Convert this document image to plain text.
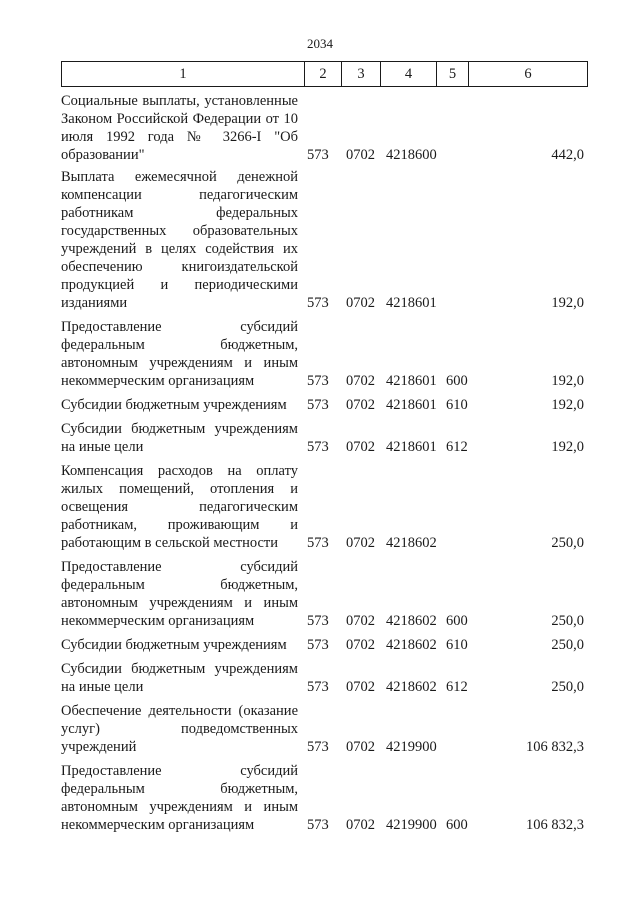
2034
1	2	3	4	5	6
Социальные выплаты, установленные Законом Российской Федерации от 10 июля 1992 года № 3266-I "Об образовании"	573 0702 4218600	442,0
Выплата ежемесячной денежной компенсации педагогическим работникам федеральных государственных образовательных учреждений в целях содействия их обеспечению книгоиздательской продукцией и периодическими изданиями	573 0702 4218601	192,0
Предоставление субсидий федеральным бюджетным, автономным учреждениям и иным некоммерческим организациям	573 0702 4218601 600	192,0
Субсидии бюджетным учреждениям	573 0702 4218601 610	192,0
Субсидии бюджетным учреждениям на иные цели	573 0702 4218601 612	192,0
Компенсация расходов на оплату жилых помещений, отопления и освещения педагогическим работникам, проживающим и работающим в сельской местности	573 0702 4218602	250,0
Предоставление субсидий федеральным бюджетным, автономным учреждениям и иным некоммерческим организациям	573 0702 4218602 600	250,0
Субсидии бюджетным учреждениям	573 0702 4218602 610	250,0
Субсидии бюджетным учреждениям на иные цели	573 0702 4218602 612	250,0
Обеспечение деятельности (оказание услуг) подведомственных учреждений	573 0702 4219900	106 832,3
Предоставление субсидий федеральным бюджетным, автономным учреждениям и иным некоммерческим организациям	573 0702 4219900 600	106 832,3
